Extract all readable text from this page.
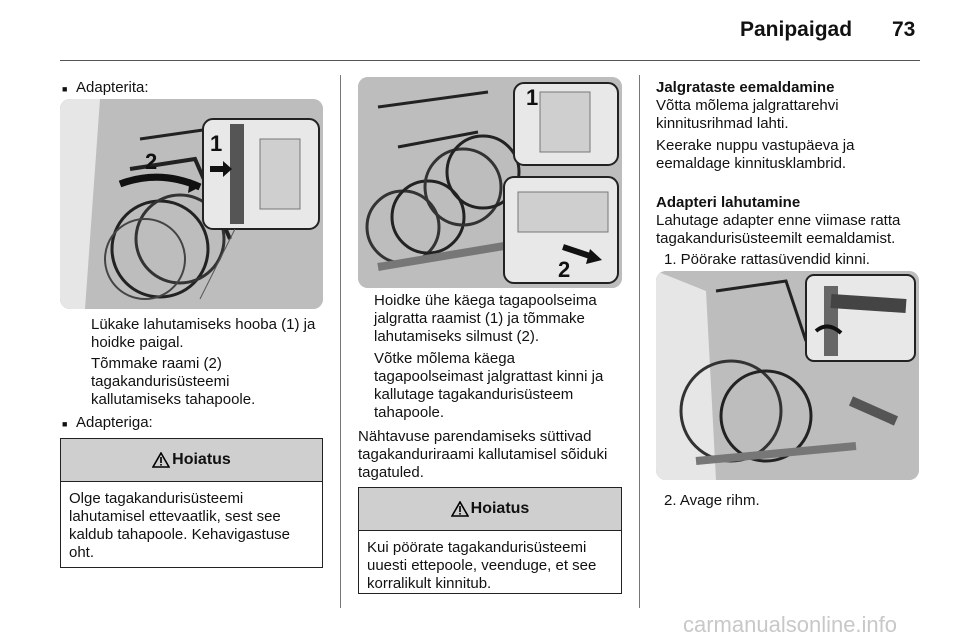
Panipaigad 73
■ Adapterita:
1
2
Lükake lahutamiseks hooba (1) ja hoidke paigal.
Tõmmake raami (2) tagakandurisüsteemi kallutamiseks tahapoole.
■ Adapteriga:
Hoiatus
Olge tagakandurisüsteemi lahutamisel ettevaatlik, sest see kaldub tahapoole. Kehavigastuse oht.
1
2
Hoidke ühe käega tagapoolseima jalgratta raamist (1) ja tõmmake lahutamiseks silmust (2).
Võtke mõlema käega tagapoolseimast jalgrattast kinni ja kallutage tagakandurisüsteem tahapoole.
Nähtavuse parendamiseks süttivad tagakanduriraami kallutamisel sõiduki tagatuled.
Hoiatus
Kui pöörate tagakandurisüsteemi uuesti ettepoole, veenduge, et see korralikult kinnitub.
Jalgrataste eemaldamine
Võtta mõlema jalgrattarehvi kinnitusrihmad lahti.
Keerake nuppu vastupäeva ja eemaldage kinnitusklambrid.
Adapteri lahutamine
Lahutage adapter enne viimase ratta tagakandurisüsteemilt eemaldamist.
1. Pöörake rattasüvendid kinni.
2. Avage rihm.
carmanualsonline.info
